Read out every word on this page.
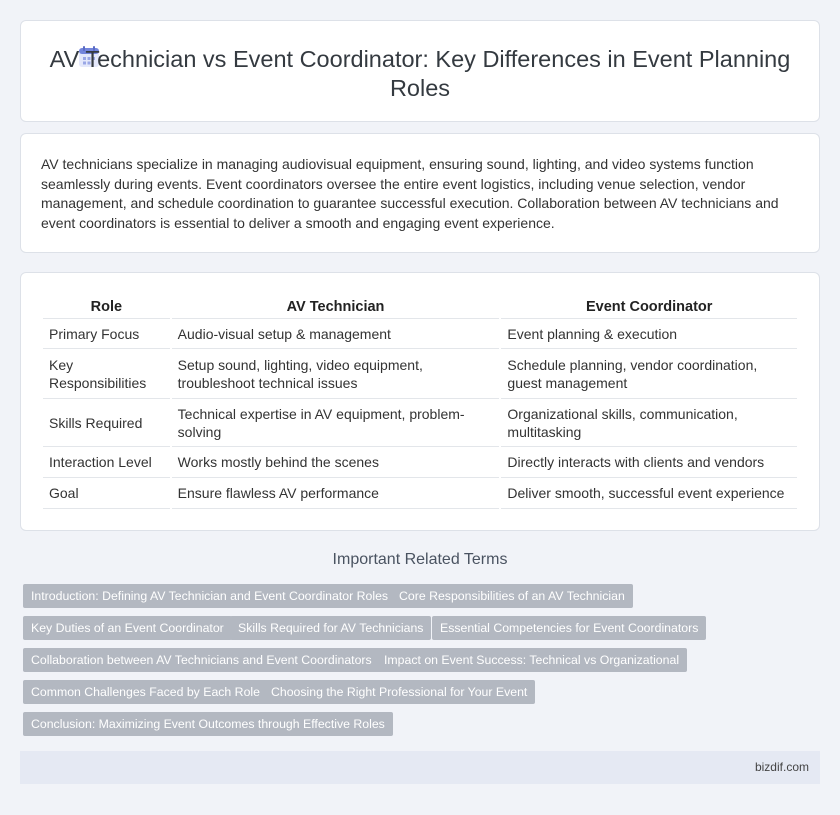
AV Technician vs Event Coordinator: Key Differences in Event Planning Roles

AV technicians specialize in managing audiovisual equipment, ensuring sound, lighting, and video systems function seamlessly during events. Event coordinators oversee the entire event logistics, including venue selection, vendor management, and schedule coordination to guarantee successful execution. Collaboration between AV technicians and event coordinators is essential to deliver a smooth and engaging event experience.

Role	AV Technician	Event Coordinator
Primary Focus	Audio-visual setup & management	Event planning & execution
Key Responsibilities	Setup sound, lighting, video equipment, troubleshoot technical issues	Schedule planning, vendor coordination, guest management
Skills Required	Technical expertise in AV equipment, problem-solving	Organizational skills, communication, multitasking
Interaction Level	Works mostly behind the scenes	Directly interacts with clients and vendors
Goal	Ensure flawless AV performance	Deliver smooth, successful event experience
Important Related Terms
Introduction: Defining AV Technician and Event Coordinator Roles Core Responsibilities of an AV Technician
Key Duties of an Event Coordinator	Skills Required for AV Technicians	Essential Competencies for Event Coordinators
Collaboration between AV Technicians and Event Coordinators	Impact on Event Success: Technical vs Organizational
Common Challenges Faced by Each Role Choosing the Right Professional for Your Event
Conclusion: Maximizing Event Outcomes through Effective Roles
bizdif.com
